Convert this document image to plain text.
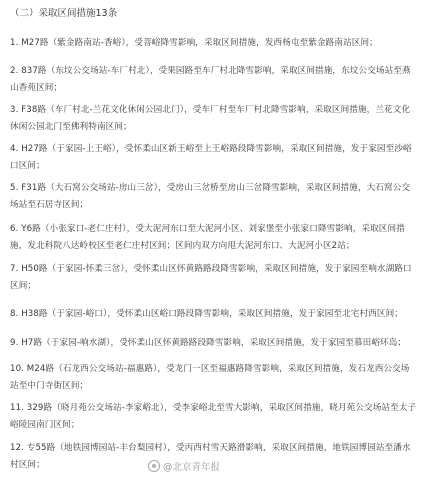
（二）采取区间措施13条
1. M27路（紫金路南站-香峪），受菩峪降雪影响，采取区间措施，发西杨屯至紫金路南站区间；
2. 837路（东坟公交场站-车厂村北），受果园路至车厂村北降雪影响，采取区间措施，东坟公交场站至燕
山香苑区间；
3. F38路（车厂村北-兰花文化休闲公园北门），受车厂村至车厂村北降雪影响，采取区间措施，兰花文化
休闲公园北门至佛利特南区间；
4. H27路（于家园-上王峪），受怀柔山区新王峪至上王峪路段降雪影响，采取区间措施，发于家园至沙峪
口区间；
5. F31路（大石窝公交场站-房山三岔），受房山三岔桥至房山三岔降雪影响，采取区间措施，大石窝公交
场站至石居寺区间；
6. Y6路（小张家口-老仁庄村），受大泥河东口至大泥河小区、刘家堡至小张家口降雪影响，采取区间措
施，发北科院八达岭校区至老仁庄村区间；区间内双方向甩大泥河东口、大泥河小区2站；
7. H50路（于家园-怀柔三岔），受怀柔山区怀黄路路段降雪影响，采取区间措施，发于家园至响水湖路口
区间；
8. H38路（于家园-峪口），受怀柔山区峪口路段降雪影响，采取区间措施，发于家园至北宅村西区间；
9. H7路（于家园-响水湖），受怀柔山区怀黄路路段降雪影响，采取区间措施，发于家园至慕田峪环岛；
10. M24路（石龙西公交场站-福惠路），受龙门一区至福惠路降雪影响，采取区间措施，发石龙西公交场
站至中门寺街区间；
11. 329路（晓月苑公交场站-李家峪北），受李家峪北至雪大影响，采取区间措施，晓月苑公交场站至太子
峪陵园南门区间；
12. 专55路（地铁园博园站-丰台梨园村），受丙西村雪天路滑影响，采取区间措施，地铁园博园站至潘水
村区间；	@北京青年报
